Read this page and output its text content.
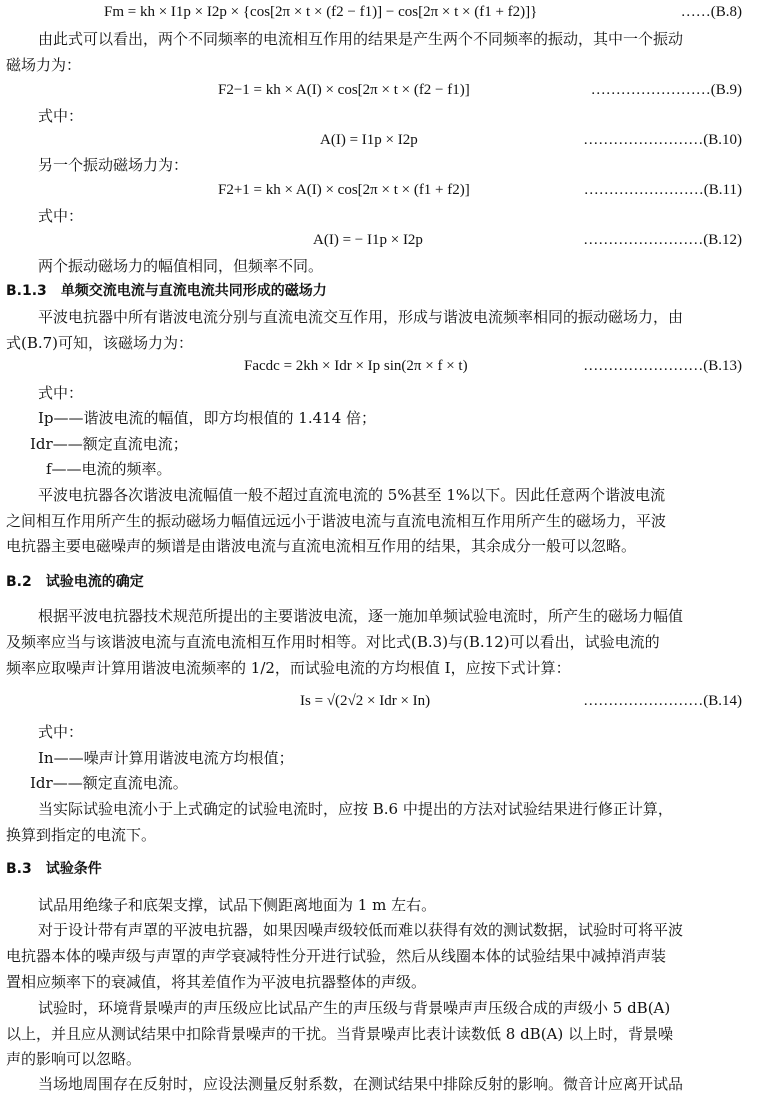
Fm = kh × I1p × I2p × {cos[2π × t × (f2 − f1)] − cos[2π × t × (f1 + f2)]}	……(B.8)
由此式可以看出，两个不同频率的电流相互作用的结果是产生两个不同频率的振动，其中一个振动
磁场力为：
F2−1 = kh × A(I) × cos[2π × t × (f2 − f1)]	……………………(B.9)
式中：
A(I) = I1p × I2p	……………………(B.10)
另一个振动磁场力为：
F2+1 = kh × A(I) × cos[2π × t × (f1 + f2)]	……………………(B.11)
式中：
A(I) = − I1p × I2p	……………………(B.12)
两个振动磁场力的幅值相同，但频率不同。
B.1.3　单频交流电流与直流电流共同形成的磁场力
平波电抗器中所有谐波电流分别与直流电流交互作用，形成与谐波电流频率相同的振动磁场力，由
式(B.7)可知，该磁场力为：
Facdc = 2kh × Idr × Ip sin(2π × f × t)	……………………(B.13)
式中：
Ip——谐波电流的幅值，即方均根值的 1.414 倍；
Idr——额定直流电流；
f——电流的频率。
平波电抗器各次谐波电流幅值一般不超过直流电流的 5%甚至 1%以下。因此任意两个谐波电流
之间相互作用所产生的振动磁场力幅值远远小于谐波电流与直流电流相互作用所产生的磁场力，平波
电抗器主要电磁噪声的频谱是由谐波电流与直流电流相互作用的结果，其余成分一般可以忽略。
B.2　试验电流的确定
根据平波电抗器技术规范所提出的主要谐波电流，逐一施加单频试验电流时，所产生的磁场力幅值
及频率应当与该谐波电流与直流电流相互作用时相等。对比式(B.3)与(B.12)可以看出，试验电流的
频率应取噪声计算用谐波电流频率的 1/2，而试验电流的方均根值 I，应按下式计算：
Is = √(2√2 × Idr × In)	……………………(B.14)
式中：
In——噪声计算用谐波电流方均根值；
Idr——额定直流电流。
当实际试验电流小于上式确定的试验电流时，应按 B.6 中提出的方法对试验结果进行修正计算，
换算到指定的电流下。
B.3　试验条件
试品用绝缘子和底架支撑，试品下侧距离地面为 1 m 左右。
对于设计带有声罩的平波电抗器，如果因噪声级较低而难以获得有效的测试数据，试验时可将平波
电抗器本体的噪声级与声罩的声学衰减特性分开进行试验，然后从线圈本体的试验结果中减掉消声装
置相应频率下的衰减值，将其差值作为平波电抗器整体的声级。
试验时，环境背景噪声的声压级应比试品产生的声压级与背景噪声声压级合成的声级小 5 dB(A)
以上，并且应从测试结果中扣除背景噪声的干扰。当背景噪声比表计读数低 8 dB(A) 以上时，背景噪
声的影响可以忽略。
当场地周围存在反射时，应设法测量反射系数，在测试结果中排除反射的影响。微音计应离开试品
